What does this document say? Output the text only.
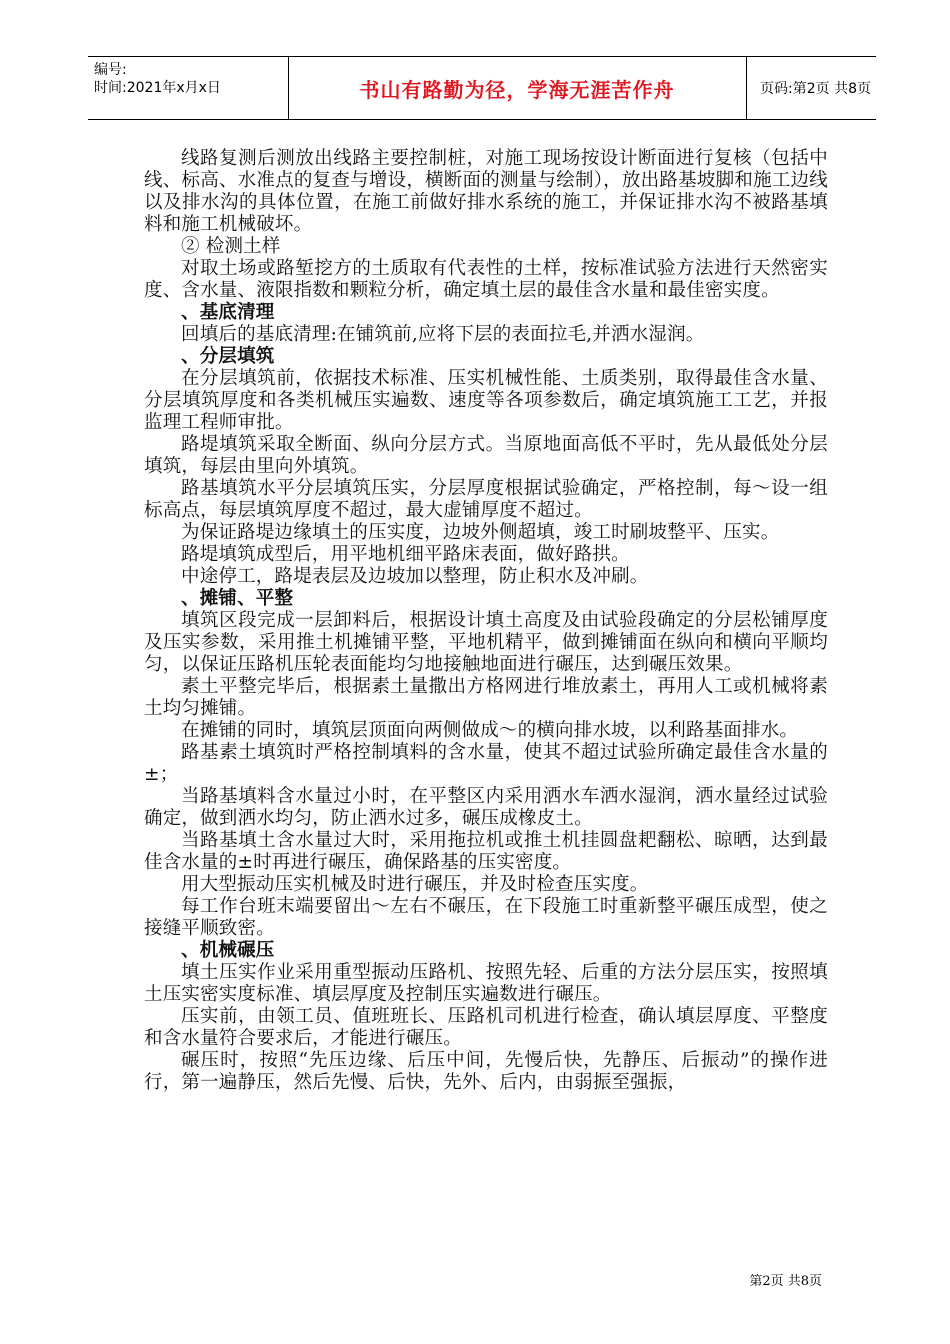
编号:
时间:2021年x月x日	书山有路勤为径，学海无涯苦作舟	页码:第2页 共8页

线路复测后测放出线路主要控制桩，对施工现场按设计断面进行复核（包括中线、标高、水准点的复查与增设，横断面的测量与绘制），放出路基坡脚和施工边线以及排水沟的具体位置，在施工前做好排水系统的施工，并保证排水沟不被路基填料和施工机械破坏。

② 检测土样

对取土场或路堑挖方的土质取有代表性的土样，按标准试验方法进行天然密实度、含水量、液限指数和颗粒分析，确定填土层的最佳含水量和最佳密实度。

、基底清理

回填后的基底清理:在铺筑前,应将下层的表面拉毛,并洒水湿润。

、分层填筑

在分层填筑前，依据技术标准、压实机械性能、土质类别，取得最佳含水量、分层填筑厚度和各类机械压实遍数、速度等各项参数后，确定填筑施工工艺，并报监理工程师审批。

路堤填筑采取全断面、纵向分层方式。当原地面高低不平时，先从最低处分层填筑，每层由里向外填筑。

路基填筑水平分层填筑压实，分层厚度根据试验确定，严格控制，每～设一组标高点，每层填筑厚度不超过，最大虚铺厚度不超过。

为保证路堤边缘填土的压实度，边坡外侧超填，竣工时刷坡整平、压实。

路堤填筑成型后，用平地机细平路床表面，做好路拱。

中途停工，路堤表层及边坡加以整理，防止积水及冲刷。

、摊铺、平整

填筑区段完成一层卸料后，根据设计填土高度及由试验段确定的分层松铺厚度及压实参数，采用推土机摊铺平整，平地机精平，做到摊铺面在纵向和横向平顺均匀，以保证压路机压轮表面能均匀地接触地面进行碾压，达到碾压效果。

素土平整完毕后，根据素土量撒出方格网进行堆放素土，再用人工或机械将素土均匀摊铺。

在摊铺的同时，填筑层顶面向两侧做成～的横向排水坡，以利路基面排水。

路基素土填筑时严格控制填料的含水量，使其不超过试验所确定最佳含水量的±；

当路基填料含水量过小时，在平整区内采用洒水车洒水湿润，洒水量经过试验确定，做到洒水均匀，防止洒水过多，碾压成橡皮土。

当路基填土含水量过大时，采用拖拉机或推土机挂圆盘耙翻松、晾晒，达到最佳含水量的±时再进行碾压，确保路基的压实密度。

用大型振动压实机械及时进行碾压，并及时检查压实度。

每工作台班末端要留出～左右不碾压，在下段施工时重新整平碾压成型，使之接缝平顺致密。

、机械碾压

填土压实作业采用重型振动压路机、按照先轻、后重的方法分层压实，按照填土压实密实度标准、填层厚度及控制压实遍数进行碾压。

压实前，由领工员、值班班长、压路机司机进行检查，确认填层厚度、平整度和含水量符合要求后，才能进行碾压。

碾压时，按照“先压边缘、后压中间，先慢后快，先静压、后振动”的操作进行，第一遍静压，然后先慢、后快，先外、后内，由弱振至强振，

第2页 共8页
